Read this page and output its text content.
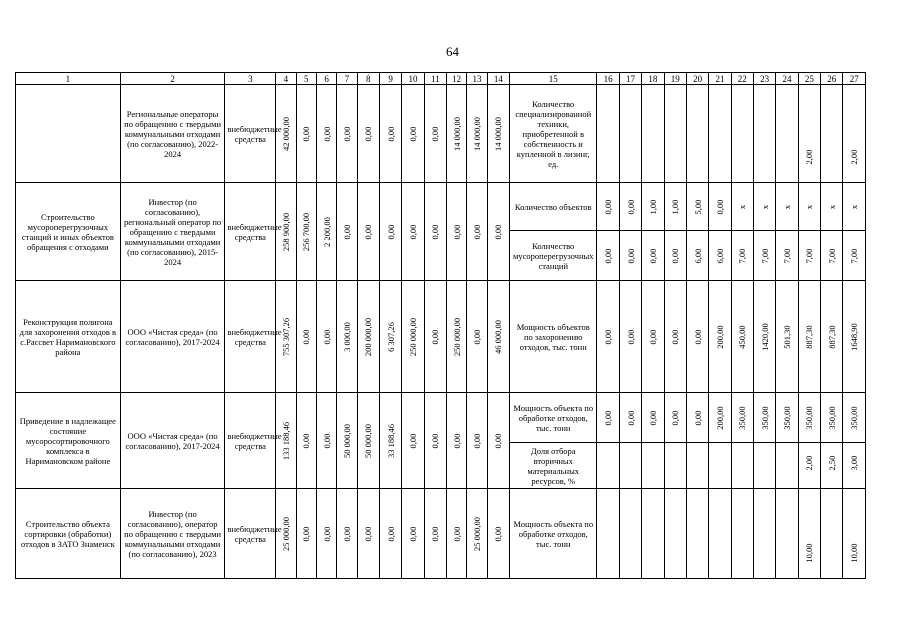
64
1	2	3	4	5	6	7	8	9	10	11	12	13	14	15	16	17	18	19	20	21	22	23	24	25	26	27
	Региональные операторы по обращению с твердыми коммунальными отходами (по согласованию), 2022-2024	внебюджетные средства	42 000,00	0,00	0,00	0,00	0,00	0,00	0,00	0,00	14 000,00	14 000,00	14 000,00	Количество специализированной техники, приобретенной в собственность и купленной в лизинг, ед.										2,00		2,00

Строительство мусороперегрузочных станций и иных объектов обращения с отходами	Инвестор (по согласованию), региональный оператор по обращению с твердыми коммунальными отходами (по согласованию), 2015-2024	внебюджетные средства	258 900,00	256 700,00	2 200,00	0,00	0,00	0,00	0,00	0,00	0,00	0,00	0,00	Количество объектов	0,00	0,00	1,00	1,00	5,00	0,00	x	x	x	x	x	x

														Количество мусороперегрузочных станций	0,00	0,00	0,00	0,00	6,00	6,00	7,00	7,00	7,00	7,00	7,00	7,00

Реконструкция полигона для захоронения отходов в с.Рассвет Наримановского района	ООО «Чистая среда» (по согласованию), 2017-2024	внебюджетные средства	755 307,26	0,00	0,00	3 000,00	200 000,00	6 307,26	250 000,00	0,00	250 000,00	0,00	46 000,00	Мощность объектов по захоронению отходов, тыс. тонн	0,00	0,00	0,00	0,00	0,00	200,00	450,00	1420,00	501,30	887,30	887,30	1648,90

Приведение в надлежащее состояние мусоросортировочного комплекса в Наримановском районе	ООО «Чистая среда» (по согласованию), 2017-2024	внебюджетные средства	133 188,46	0,00	0,00	50 000,00	50 000,00	33 188,46	0,00	0,00	0,00	0,00	0,00	Мощность объекта по обработке отходов, тыс. тонн	0,00	0,00	0,00	0,00	0,00	200,00	350,00	350,00	350,00	350,00	350,00	350,00

														Доля отбора вторичных материальных ресурсов, %										2,00	2,50	3,00

Строительство объекта сортировки (обработки) отходов в ЗАТО Знаменск	Инвестор (по согласованию), оператор по обращению с твердыми коммунальными отходами (по согласованию), 2023	внебюджетные средства	25 000,00	0,00	0,00	0,00	0,00	0,00	0,00	0,00	0,00	25 000,00	0,00	Мощность объекта по обработке отходов, тыс. тонн										10,00		10,00
